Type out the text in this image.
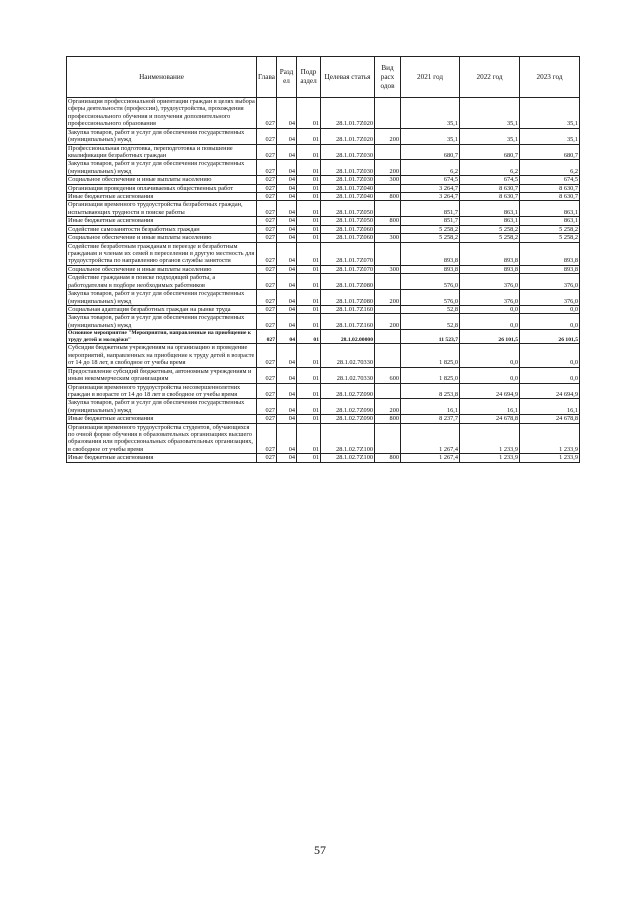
Наименование	Глава	Разд ел	Подр аздел	Целевая статья	Вид расх одов	2021 год	2022 год	2023 год
Организация профессиональной ориентации граждан в целях выбора сферы деятельности (профессии), трудоустройства, прохождения профессионального обучения и получения дополнительного профессионального образования	027	04	01	28.1.01.7Z020		35,1	35,1	35,1
Закупка товаров, работ и услуг для обеспечения государственных (муниципальных) нужд	027	04	01	28.1.01.7Z020	200	35,1	35,1	35,1
Профессиональная подготовка, переподготовка и повышение квалификации безработных граждан	027	04	01	28.1.01.7Z030		680,7	680,7	680,7
Закупка товаров, работ и услуг для обеспечения государственных (муниципальных) нужд	027	04	01	28.1.01.7Z030	200	6,2	6,2	6,2
Социальное обеспечение и иные выплаты населению	027	04	01	28.1.01.7Z030	300	674,5	674,5	674,5
Организация проведения оплачиваемых общественных работ	027	04	01	28.1.01.7Z040		3 264,7	8 630,7	8 630,7
Иные бюджетные ассигнования	027	04	01	28.1.01.7Z040	800	3 264,7	8 630,7	8 630,7
Организация временного трудоустройства безработных граждан, испытывающих трудности в поиске работы	027	04	01	28.1.01.7Z050		851,7	863,1	863,1
Иные бюджетные ассигнования	027	04	01	28.1.01.7Z050	800	851,7	863,1	863,1
Содействие самозанятости безработных граждан	027	04	01	28.1.01.7Z060		5 258,2	5 258,2	5 258,2
Социальное обеспечение и иные выплаты населению	027	04	01	28.1.01.7Z060	300	5 258,2	5 258,2	5 258,2
Содействие безработным гражданам в переезде и безработным гражданам и членам их семей в переселении в другую местность для трудоустройства по направлению органов службы занятости	027	04	01	28.1.01.7Z070		893,8	893,8	893,8
Социальное обеспечение и иные выплаты населению	027	04	01	28.1.01.7Z070	300	893,8	893,8	893,8
Содействие гражданам в поиске подходящей работы, а работодателям в подборе необходимых работников	027	04	01	28.1.01.7Z080		576,0	376,0	376,0
Закупка товаров, работ и услуг для обеспечения государственных (муниципальных) нужд	027	04	01	28.1.01.7Z080	200	576,0	376,0	376,0
Социальная адаптация безработных граждан на рынке труда	027	04	01	28.1.01.7Z160		52,8	0,0	0,0
Закупка товаров, работ и услуг для обеспечения государственных (муниципальных) нужд	027	04	01	28.1.01.7Z160	200	52,8	0,0	0,0
Основное мероприятие "Мероприятия, направленные на приобщение к труду детей и молодёжи"	027	04	01	28.1.02.00000		11 523,7	26 101,5	26 101,5
Субсидия бюджетным учреждениям на организацию и проведение мероприятий, направленных на приобщение к труду детей в возрасте от 14 до 18 лет, в свободное от учебы время	027	04	01	28.1.02.70330		1 825,0	0,0	0,0
Предоставление субсидий бюджетным, автономным учреждениям и иным некоммерческим организациям	027	04	01	28.1.02.70330	600	1 825,0	0,0	0,0
Организация временного трудоустройства несовершеннолетних граждан в возрасте от 14 до 18 лет в свободное от учебы время	027	04	01	28.1.02.7Z090		8 253,8	24 694,9	24 694,9
Закупка товаров, работ и услуг для обеспечения государственных (муниципальных) нужд	027	04	01	28.1.02.7Z090	200	16,1	16,1	16,1
Иные бюджетные ассигнования	027	04	01	28.1.02.7Z090	800	8 237,7	24 678,8	24 678,8
Организация временного трудоустройства студентов, обучающихся по очной форме обучения в образовательных организациях высшего образования или профессиональных образовательных организациях, в свободное от учебы время	027	04	01	28.1.02.7Z100		1 267,4	1 233,9	1 233,9
Иные бюджетные ассигнования	027	04	01	28.1.02.7Z100	800	1 267,4	1 233,9	1 233,9
57
